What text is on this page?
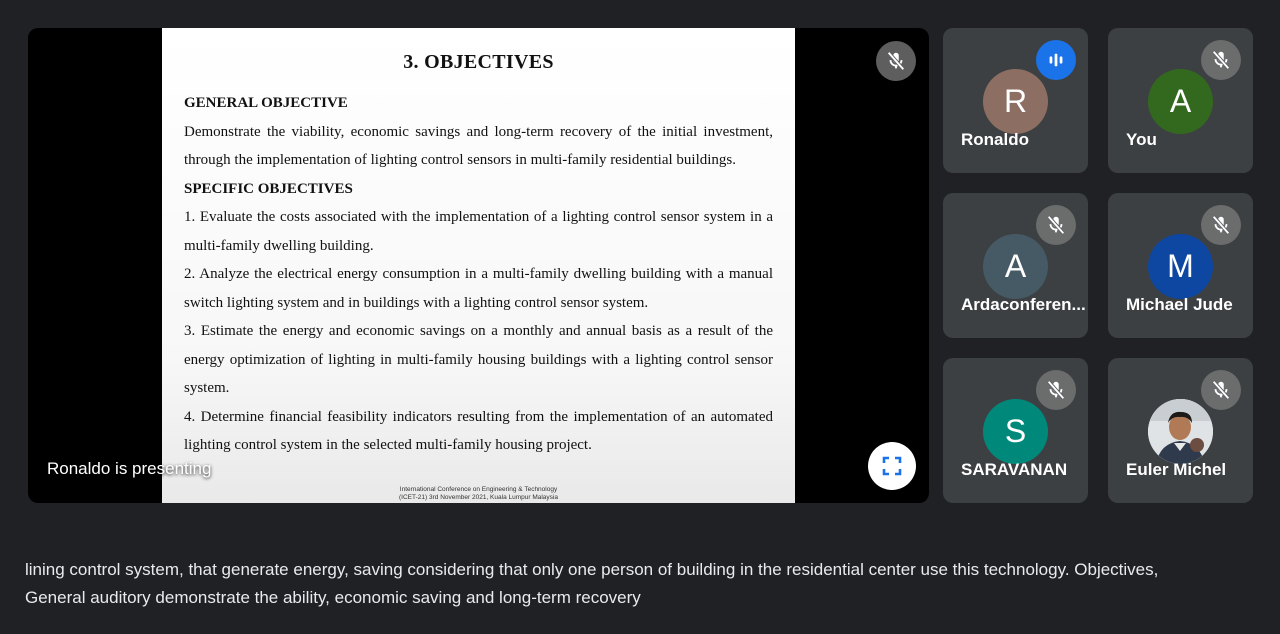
3. OBJECTIVES
GENERAL OBJECTIVE
Demonstrate the viability, economic savings and long-term recovery of the initial investment, through the implementation of lighting control sensors in multi-family residential buildings.
SPECIFIC OBJECTIVES
1. Evaluate the costs associated with the implementation of a lighting control sensor system in a multi-family dwelling building.
2. Analyze the electrical energy consumption in a multi-family dwelling building with a manual switch lighting system and in buildings with a lighting control sensor system.
3. Estimate the energy and economic savings on a monthly and annual basis as a result of the energy optimization of lighting in multi-family housing buildings with a lighting control sensor system.
4. Determine financial feasibility indicators resulting from the implementation of an automated lighting control system in the selected multi-family housing project.
International Conference on Engineering & Technology
(ICET-21) 3rd November 2021, Kuala Lumpur Malaysia
Ronaldo is presenting
R
Ronaldo
A
You
A
Ardaconferen...
M
Michael Jude
S
SARAVANAN	Euler Michel
lining control system, that generate energy, saving considering that only one person of building in the residential center use this technology. Objectives,
General auditory demonstrate the ability, economic saving and long-term recovery
